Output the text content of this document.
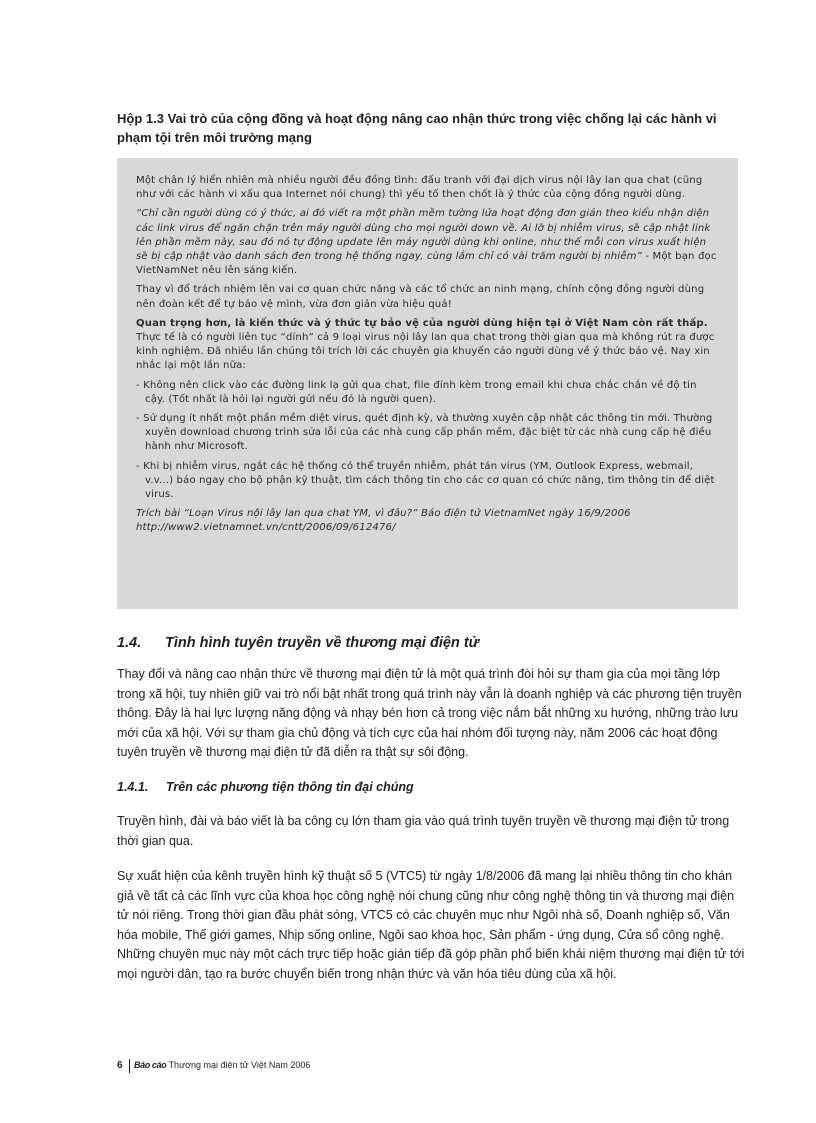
Hộp 1.3 Vai trò của cộng đồng và hoạt động nâng cao nhận thức trong việc chống lại các hành vi phạm tội trên môi trường mạng

Một chân lý hiển nhiên mà nhiều người đều đồng tình: đấu tranh với đại dịch virus nội lây lan qua chat (cũng như với các hành vi xấu qua Internet nói chung) thì yếu tố then chốt là ý thức của cộng đồng người dùng.

“Chỉ cần người dùng có ý thức, ai đó viết ra một phần mềm tường lửa hoạt động đơn giản theo kiểu nhận diện các link virus để ngăn chặn trên máy người dùng cho mọi người down về. Ai lỡ bị nhiễm virus, sẽ cập nhật link lên phần mềm này, sau đó nó tự động update lên máy người dùng khi online, như thế mỗi con virus xuất hiện sẽ bị cập nhật vào danh sách đen trong hệ thống ngay, cùng lắm chỉ có vài trăm người bị nhiễm” - Một bạn đọc VietNamNet nêu lên sáng kiến.

Thay vì đổ trách nhiệm lên vai cơ quan chức năng và các tổ chức an ninh mạng, chính cộng đồng người dùng nên đoàn kết để tự bảo vệ mình, vừa đơn giản vừa hiệu quả!

Quan trọng hơn, là kiến thức và ý thức tự bảo vệ của người dùng hiện tại ở Việt Nam còn rất thấp. Thực tế là có người liên tục “dính” cả 9 loại virus nội lây lan qua chat trong thời gian qua mà không rút ra được kinh nghiệm. Đã nhiều lần chúng tôi trích lời các chuyên gia khuyến cáo người dùng về ý thức bảo vệ. Nay xin nhắc lại một lần nữa:

- Không nên click vào các đường link lạ gửi qua chat, file đính kèm trong email khi chưa chắc chắn về độ tin cậy. (Tốt nhất là hỏi lại người gửi nếu đó là người quen).
- Sử dụng ít nhất một phần mềm diệt virus, quét định kỳ, và thường xuyên cập nhật các thông tin mới. Thường xuyên download chương trình sửa lỗi của các nhà cung cấp phần mềm, đặc biệt từ các nhà cung cấp hệ điều hành như Microsoft.
- Khi bị nhiễm virus, ngắt các hệ thống có thể truyền nhiễm, phát tán virus (YM, Outlook Express, webmail, v.v...) báo ngay cho bộ phận kỹ thuật, tìm cách thông tin cho các cơ quan có chức năng, tìm thông tin để diệt virus.

Trích bài “Loạn Virus nội lây lan qua chat YM, vì đâu?” Báo điện tử VietnamNet ngày 16/9/2006
http://www2.vietnamnet.vn/cntt/2006/09/612476/

1.4. Tình hình tuyên truyền về thương mại điện tử

Thay đổi và nâng cao nhận thức về thương mại điện tử là một quá trình đòi hỏi sự tham gia của mọi tầng lớp trong xã hội, tuy nhiên giữ vai trò nổi bật nhất trong quá trình này vẫn là doanh nghiệp và các phương tiện truyền thông. Đây là hai lực lượng năng động và nhạy bén hơn cả trong việc nắm bắt những xu hướng, những trào lưu mới của xã hội. Với sự tham gia chủ động và tích cực của hai nhóm đối tượng này, năm 2006 các hoạt động tuyên truyền về thương mại điện tử đã diễn ra thật sự sôi động.

1.4.1. Trên các phương tiện thông tin đại chúng

Truyền hình, đài và báo viết là ba công cụ lớn tham gia vào quá trình tuyên truyền về thương mại điện tử trong thời gian qua.

Sự xuất hiện của kênh truyền hình kỹ thuật số 5 (VTC5) từ ngày 1/8/2006 đã mang lại nhiều thông tin cho khán giả về tất cả các lĩnh vực của khoa học công nghệ nói chung cũng như công nghệ thông tin và thương mại điện tử nói riêng. Trong thời gian đầu phát sóng, VTC5 có các chuyên mục như Ngôi nhà số, Doanh nghiệp số, Văn hóa mobile, Thế giới games, Nhịp sống online, Ngôi sao khoa học, Sản phẩm - ứng dụng, Cửa sổ công nghệ. Những chuyên mục này một cách trực tiếp hoặc gián tiếp đã góp phần phổ biến khái niệm thương mại điện tử tới mọi người dân, tạo ra bước chuyển biến trong nhận thức và văn hóa tiêu dùng của xã hội.

6 Báo cáo Thương mại điện tử Việt Nam 2006
